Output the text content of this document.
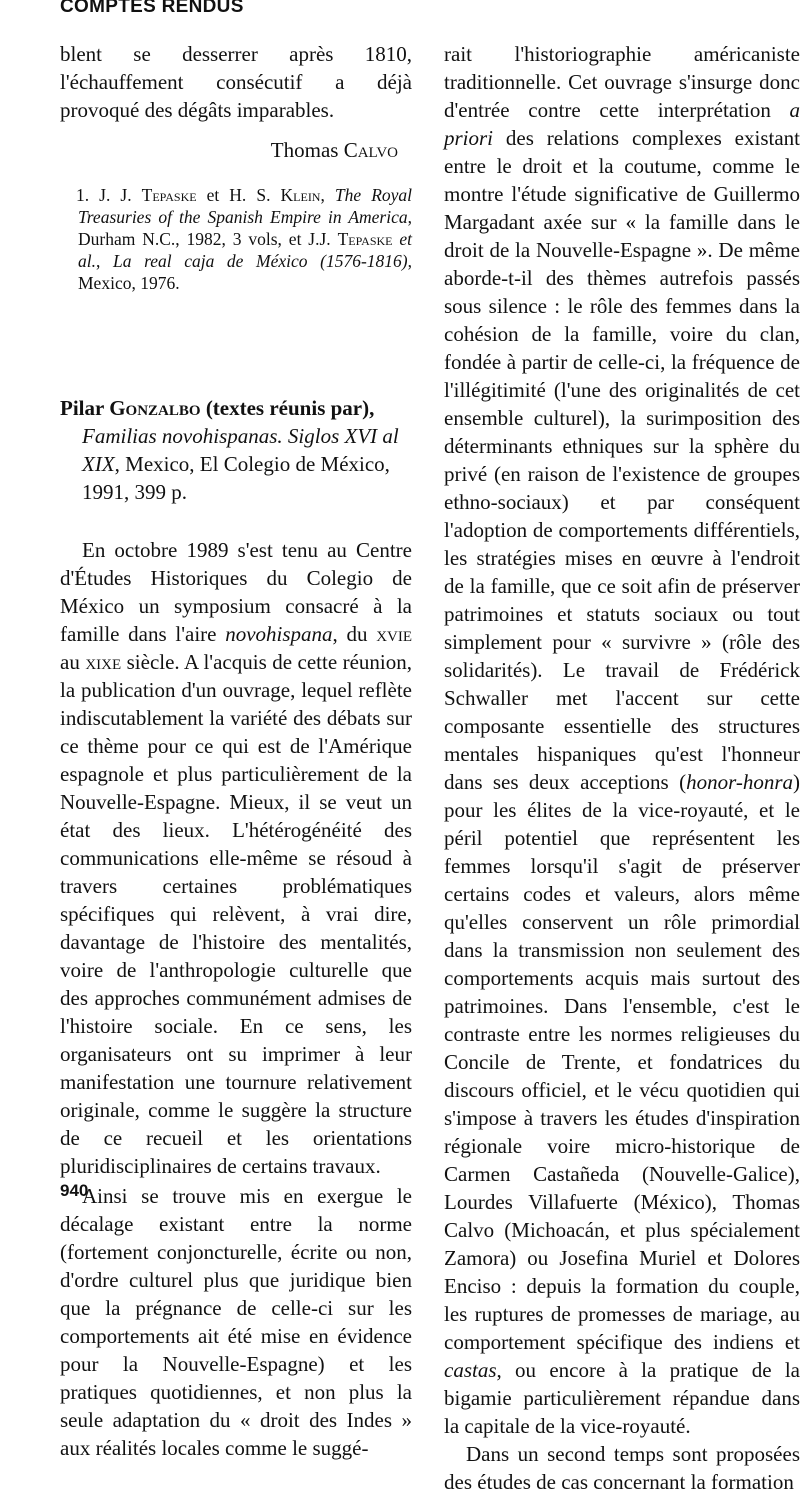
COMPTES RENDUS

blent se desserrer après 1810, l'échauffement consécutif a déjà provoqué des dégâts imparables.

Thomas Calvo
1. J. J. Tepaske et H. S. Klein, The Royal Treasuries of the Spanish Empire in America, Durham N.C., 1982, 3 vols, et J.J. Tepaske et al., La real caja de México (1576-1816), Mexico, 1976.
Pilar Gonzalbo (textes réunis par), Familias novohispanas. Siglos XVI al XIX, Mexico, El Colegio de México, 1991, 399 p.

En octobre 1989 s'est tenu au Centre d'Études Historiques du Colegio de México un symposium consacré à la famille dans l'aire novohispana, du xvie au xixe siècle. A l'acquis de cette réunion, la publication d'un ouvrage, lequel reflète indiscutablement la variété des débats sur ce thème pour ce qui est de l'Amérique espagnole et plus particulièrement de la Nouvelle-Espagne. Mieux, il se veut un état des lieux. L'hétérogénéité des communications elle-même se résoud à travers certaines problématiques spécifiques qui relèvent, à vrai dire, davantage de l'histoire des mentalités, voire de l'anthropologie culturelle que des approches communément admises de l'histoire sociale. En ce sens, les organisateurs ont su imprimer à leur manifestation une tournure relativement originale, comme le suggère la structure de ce recueil et les orientations pluridisciplinaires de certains travaux.

Ainsi se trouve mis en exergue le décalage existant entre la norme (fortement conjoncturelle, écrite ou non, d'ordre culturel plus que juridique bien que la prégnance de celle-ci sur les comportements ait été mise en évidence pour la Nouvelle-Espagne) et les pratiques quotidiennes, et non plus la seule adaptation du « droit des Indes » aux réalités locales comme le suggé-

rait l'historiographie américaniste traditionnelle. Cet ouvrage s'insurge donc d'entrée contre cette interprétation a priori des relations complexes existant entre le droit et la coutume, comme le montre l'étude significative de Guillermo Margadant axée sur « la famille dans le droit de la Nouvelle-Espagne ». De même aborde-t-il des thèmes autrefois passés sous silence : le rôle des femmes dans la cohésion de la famille, voire du clan, fondée à partir de celle-ci, la fréquence de l'illégitimité (l'une des originalités de cet ensemble culturel), la surimposition des déterminants ethniques sur la sphère du privé (en raison de l'existence de groupes ethno-sociaux) et par conséquent l'adoption de comportements différentiels, les stratégies mises en œuvre à l'endroit de la famille, que ce soit afin de préserver patrimoines et statuts sociaux ou tout simplement pour « survivre » (rôle des solidarités). Le travail de Frédérick Schwaller met l'accent sur cette composante essentielle des structures mentales hispaniques qu'est l'honneur dans ses deux acceptions (honor-honra) pour les élites de la vice-royauté, et le péril potentiel que représentent les femmes lorsqu'il s'agit de préserver certains codes et valeurs, alors même qu'elles conservent un rôle primordial dans la transmission non seulement des comportements acquis mais surtout des patrimoines. Dans l'ensemble, c'est le contraste entre les normes religieuses du Concile de Trente, et fondatrices du discours officiel, et le vécu quotidien qui s'impose à travers les études d'inspiration régionale voire micro-historique de Carmen Castañeda (Nouvelle-Galice), Lourdes Villafuerte (México), Thomas Calvo (Michoacán, et plus spécialement Zamora) ou Josefina Muriel et Dolores Enciso : depuis la formation du couple, les ruptures de promesses de mariage, au comportement spécifique des indiens et castas, ou encore à la pratique de la bigamie particulièrement répandue dans la capitale de la vice-royauté.

Dans un second temps sont proposées des études de cas concernant la formation

940
